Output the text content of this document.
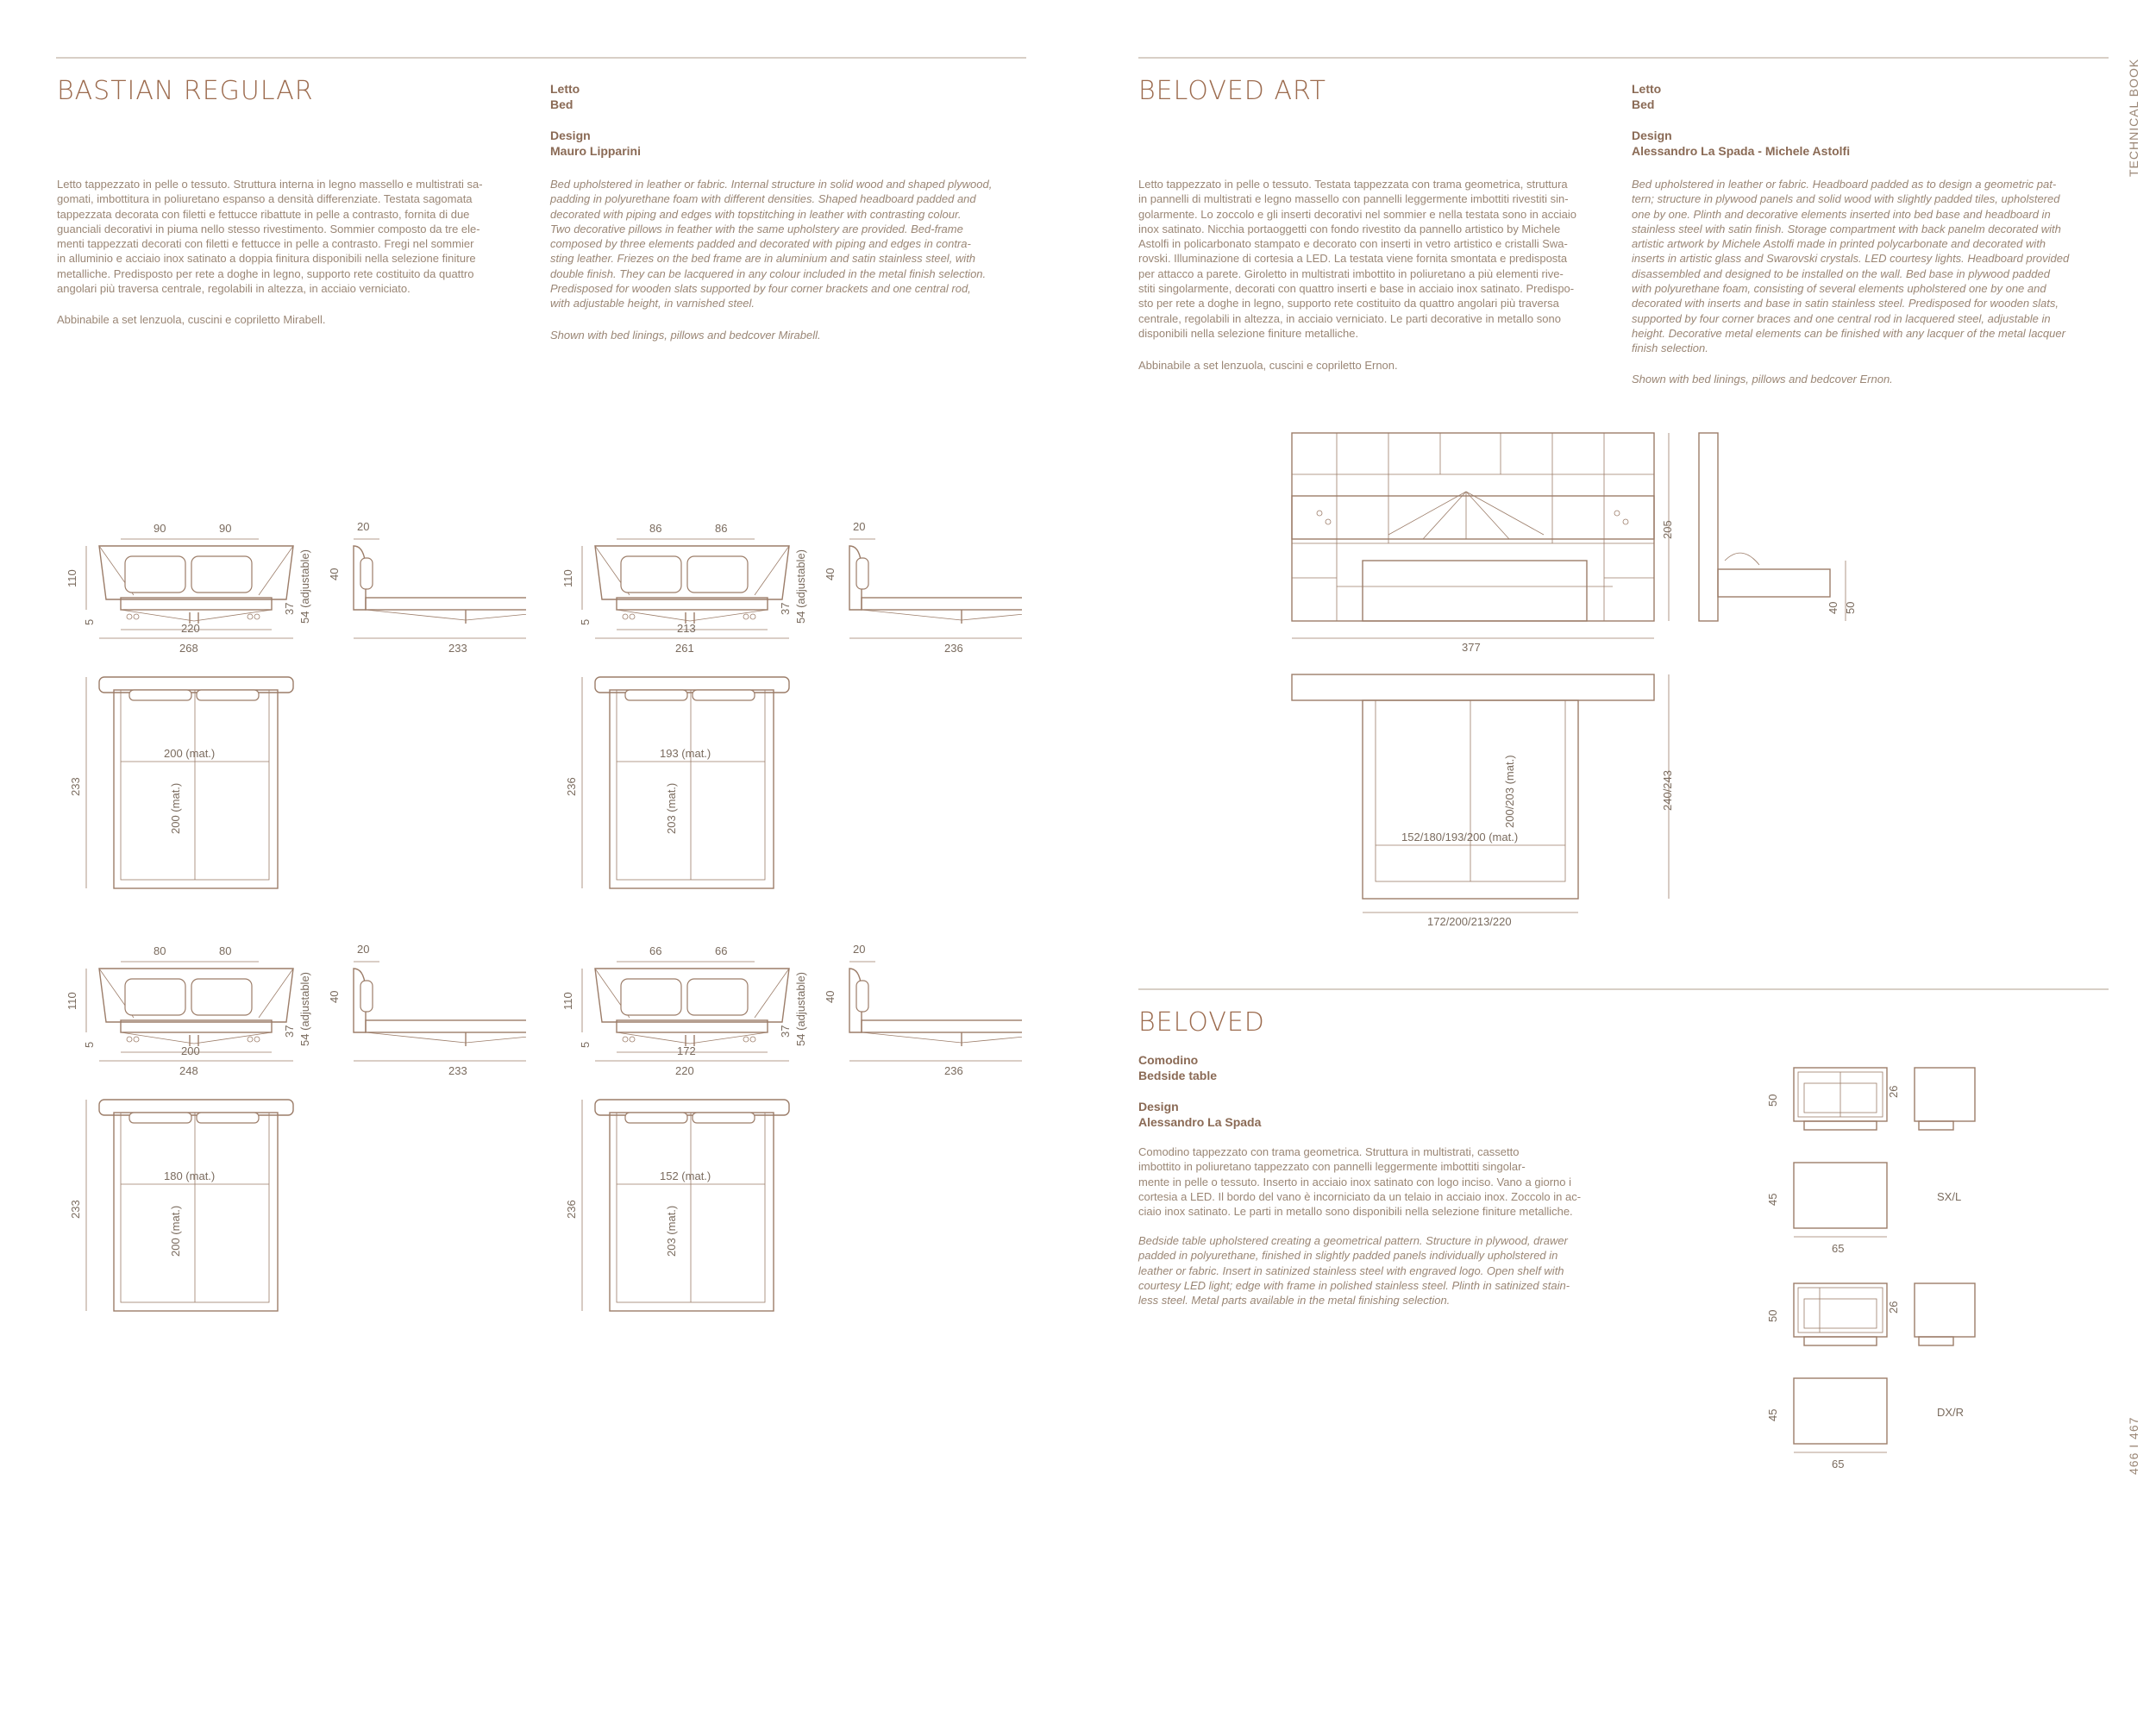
TECHNICAL BOOK
466 I 467
BASTIAN REGULAR	Letto
Bed
Design
Mauro Lipparini
Letto tappezzato in pelle o tessuto. Struttura interna in legno massello e multistrati sa-
gomati, imbottitura in poliuretano espanso a densità differenziate. Testata sagomata
tappezzata decorata con filetti e fettucce ribattute in pelle a contrasto, fornita di due
guanciali decorativi in piuma nello stesso rivestimento. Sommier composto da tre ele-
menti tappezzati decorati con filetti e fettucce in pelle a contrasto. Fregi nel sommier
in alluminio e acciaio inox satinato a doppia finitura disponibili nella selezione finiture
metalliche. Predisposto per rete a doghe in legno, supporto rete costituito da quattro
angolari più traversa centrale, regolabili in altezza, in acciaio verniciato.
Abbinabile a set lenzuola, cuscini e copriletto Mirabell.
Bed upholstered in leather or fabric. Internal structure in solid wood and shaped plywood,
padding in polyurethane foam with different densities. Shaped headboard padded and
decorated with piping and edges with topstitching in leather with contrasting colour.
Two decorative pillows in feather with the same upholstery are provided. Bed-frame
composed by three elements padded and decorated with piping and edges in contra-
sting leather. Friezes on the bed frame are in aluminium and satin stainless steel, with
double finish. They can be lacquered in any colour included in the metal finish selection.
Predisposed for wooden slats supported by four corner brackets and one central rod,
with adjustable height, in varnished steel.
Shown with bed linings, pillows and bedcover Mirabell.
90	90
110
5
37 54 (adjustable)
220
268
20
40
233
200 (mat.)
200 (mat.)
233
86	86
110
5
37 54 (adjustable)
213
261
20
40
236
193 (mat.)
203 (mat.)
236
80	80
110
5
37 54 (adjustable)
200
248
20
40
233
180 (mat.)
200 (mat.)
233
66	66
110
5
37 54 (adjustable)
172
220
20
40
236
152 (mat.)
203 (mat.)
236
BELOVED ART	Letto
Bed
Design
Alessandro La Spada - Michele Astolfi
Letto tappezzato in pelle o tessuto. Testata tappezzata con trama geometrica, struttura
in pannelli di multistrati e legno massello con pannelli leggermente imbottiti rivestiti sin-
golarmente. Lo zoccolo e gli inserti decorativi nel sommier e nella testata sono in acciaio
inox satinato. Nicchia portaoggetti con fondo rivestito da pannello artistico by Michele
Astolfi in policarbonato stampato e decorato con inserti in vetro artistico e cristalli Swa-
rovski. Illuminazione di cortesia a LED. La testata viene fornita smontata e predisposta
per attacco a parete. Giroletto in multistrati imbottito in poliuretano a più elementi rive-
stiti singolarmente, decorati con quattro inserti e base in acciaio inox satinato. Predispo-
sto per rete a doghe in legno, supporto rete costituito da quattro angolari più traversa
centrale, regolabili in altezza, in acciaio verniciato. Le parti decorative in metallo sono
disponibili nella selezione finiture metalliche.
Abbinabile a set lenzuola, cuscini e copriletto Ernon.
Bed upholstered in leather or fabric. Headboard padded as to design a geometric pat-
tern; structure in plywood panels and solid wood with slightly padded tiles, upholstered
one by one. Plinth and decorative elements inserted into bed base and headboard in
stainless steel with satin finish. Storage compartment with back panelm decorated with
artistic artwork by Michele Astolfi made in printed polycarbonate and decorated with
inserts in artistic glass and Swarovski crystals. LED courtesy lights. Headboard provided
disassembled and designed to be installed on the wall. Bed base in plywood padded
with polyurethane foam, consisting of several elements upholstered one by one and
decorated with inserts and base in satin stainless steel. Predisposed for wooden slats,
supported by four corner braces and one central rod in lacquered steel, adjustable in
height. Decorative metal elements can be finished with any lacquer of the metal lacquer
finish selection.
Shown with bed linings, pillows and bedcover Ernon.
377
205
40 50
200/203 (mat.)
152/180/193/200 (mat.)
172/200/213/220
240/243
BELOVED
Comodino
Bedside table
Design
Alessandro La Spada
Comodino tappezzato con trama geometrica. Struttura in multistrati, cassetto
imbottito in poliuretano tappezzato con pannelli leggermente imbottiti singolar-
mente in pelle o tessuto. Inserto in acciaio inox satinato con logo inciso. Vano a giorno i
cortesia a LED. Il bordo del vano è incorniciato da un telaio in acciaio inox. Zoccolo in ac-
ciaio inox satinato. Le parti in metallo sono disponibili nella selezione finiture metalliche.
Bedside table upholstered creating a geometrical pattern. Structure in plywood, drawer
padded in polyurethane, finished in slightly padded panels individually upholstered in
leather or fabric. Insert in satinized stainless steel with engraved logo. Open shelf with
courtesy LED light; edge with frame in polished stainless steel. Plinth in satinized stain-
less steel. Metal parts available in the metal finishing selection.
50
26
45
65
SX/L
50
26
45
65
DX/R
